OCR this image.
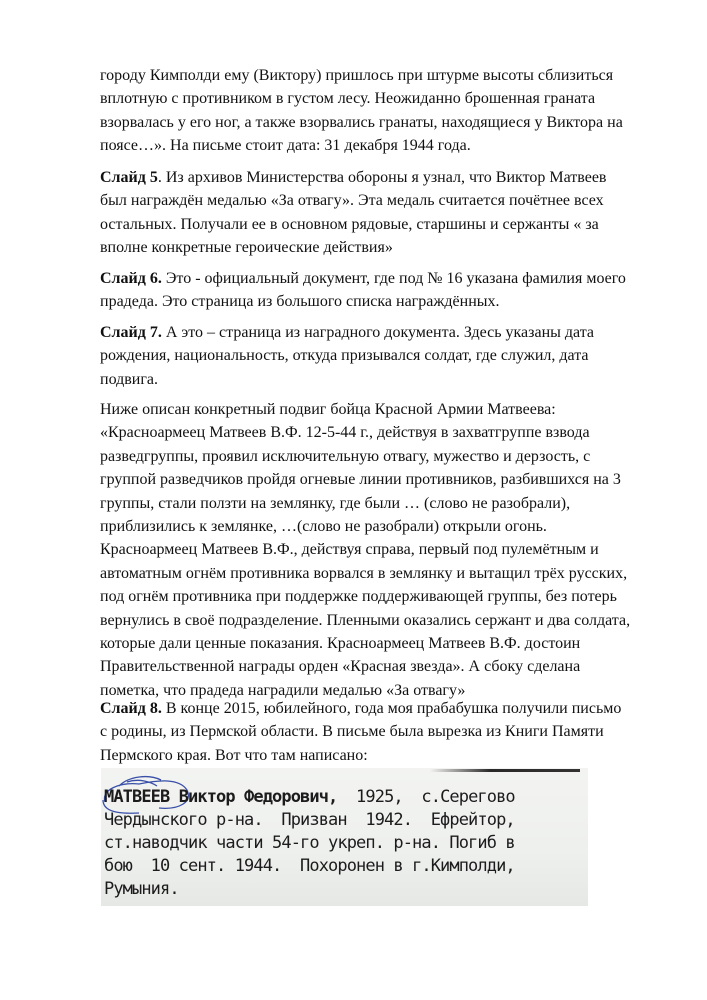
городу Кимполди ему (Виктору) пришлось при штурме высоты сблизиться
вплотную с противником в густом лесу. Неожиданно брошенная граната
взорвалась у его ног, а также взорвались гранаты, находящиеся у Виктора на
поясе…». На письме стоит дата: 31 декабря 1944 года.

Слайд 5. Из архивов Министерства обороны я узнал, что Виктор Матвеев
был награждён медалью «За отвагу». Эта медаль считается почётнее всех
остальных. Получали ее в основном рядовые, старшины и сержанты « за
вполне конкретные героические действия»

Слайд 6. Это - официальный документ, где под № 16 указана фамилия моего
прадеда. Это страница из большого списка награждённых.

Слайд 7. А это – страница из наградного документа. Здесь указаны дата
рождения, национальность, откуда призывался солдат, где служил, дата
подвига.

Ниже описан конкретный подвиг бойца Красной Армии Матвеева:
«Красноармеец Матвеев В.Ф. 12-5-44 г., действуя в захватгруппе взвода
разведгруппы, проявил исключительную отвагу, мужество и дерзость, с
группой разведчиков пройдя огневые линии противников, разбившихся на 3
группы, стали ползти на землянку, где были … (слово не разобрали),
приблизились к землянке, …(слово не разобрали) открыли огонь.
Красноармеец Матвеев В.Ф., действуя справа, первый под пулемётным и
автоматным огнём противника ворвался в землянку и вытащил трёх русских,
под огнём противника при поддержке поддерживающей группы, без потерь
вернулись в своё подразделение. Пленными оказались сержант и два солдата,
которые дали ценные показания. Красноармеец Матвеев В.Ф. достоин
Правительственной награды орден «Красная звезда». А сбоку сделана
пометка, что прадеда наградили медалью «За отвагу»

Слайд 8. В конце 2015, юбилейного, года моя прабабушка получили письмо
с родины, из Пермской области. В письме была вырезка из Книги Памяти
Пермского края. Вот что там написано:

МАТВЕЕВ Виктор Федорович,  1925,  с.Серегово
Чердынского р-на.  Призван  1942.  Ефрейтор,
ст.наводчик части 54-го укреп. р-на. Погиб в
бою  10 сент. 1944.  Похоронен в г.Кимполди,
Румыния.
